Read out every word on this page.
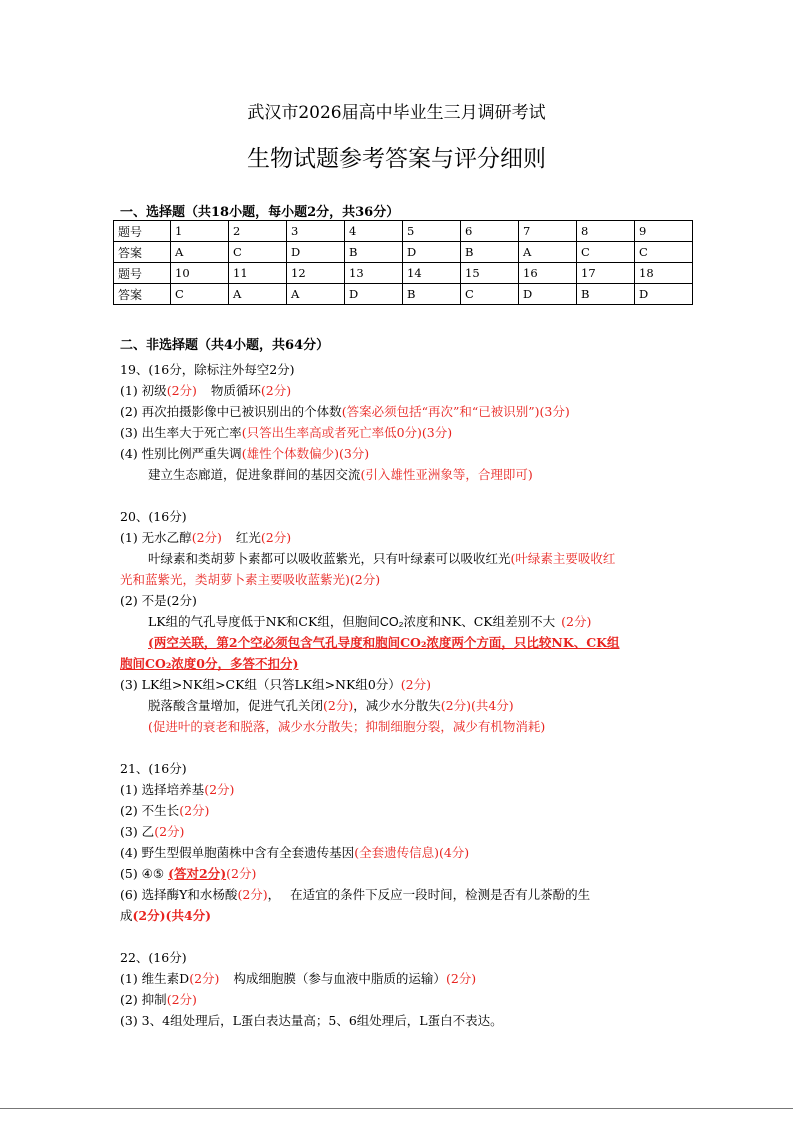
武汉市2026届高中毕业生三月调研考试
生物试题参考答案与评分细则
一、选择题（共18小题，每小题2分，共36分）
题号	1	2	3	4	5	6	7	8	9
答案	A	C	D	B	D	B	A	C	C
题号	10	11	12	13	14	15	16	17	18
答案	C	A	A	D	B	C	D	B	D
二、非选择题（共4小题，共64分）
19、(16分，除标注外每空2分)
(1) 初级(2分) 物质循环(2分)
(2) 再次拍摄影像中已被识别出的个体数(答案必须包括“再次”和“已被识别”)(3分)
(3) 出生率大于死亡率(只答出生率高或者死亡率低0分)(3分)
(4) 性别比例严重失调(雄性个体数偏少)(3分)
建立生态廊道，促进象群间的基因交流(引入雄性亚洲象等，合理即可)
20、(16分)
(1) 无水乙醇(2分) 红光(2分)
叶绿素和类胡萝卜素都可以吸收蓝紫光，只有叶绿素可以吸收红光(叶绿素主要吸收红
光和蓝紫光，类胡萝卜素主要吸收蓝紫光)(2分)
(2) 不是(2分)
LK组的气孔导度低于NK和CK组，但胞间CO₂浓度和NK、CK组差别不大 (2分)
(两空关联，第2个空必须包含气孔导度和胞间CO₂浓度两个方面，只比较NK、CK组
胞间CO₂浓度0分，多答不扣分)
(3) LK组>NK组>CK组（只答LK组>NK组0分）(2分)
脱落酸含量增加，促进气孔关闭(2分)，减少水分散失(2分)(共4分)
(促进叶的衰老和脱落，减少水分散失；抑制细胞分裂，减少有机物消耗)
21、(16分)
(1) 选择培养基(2分)
(2) 不生长(2分)
(3) 乙(2分)
(4) 野生型假单胞菌株中含有全套遗传基因(全套遗传信息)(4分)
(5) ④⑤ (答对2分)(2分)
(6) 选择酶Y和水杨酸(2分)， 在适宜的条件下反应一段时间，检测是否有儿茶酚的生
成(2分)(共4分)
22、(16分)
(1) 维生素D(2分) 构成细胞膜（参与血液中脂质的运输）(2分)
(2) 抑制(2分)
(3) 3、4组处理后，L蛋白表达量高；5、6组处理后，L蛋白不表达。
